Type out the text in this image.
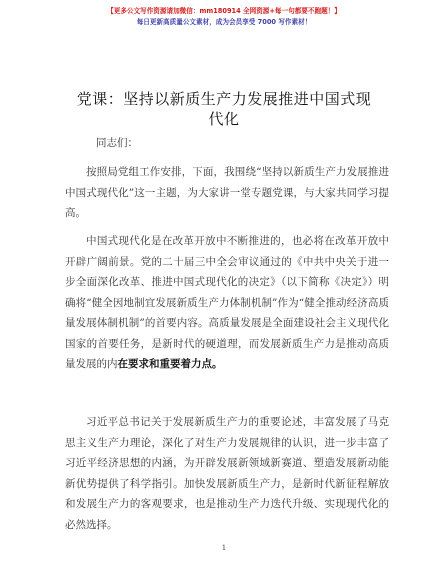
【更多公文写作资源请加微信：mm180914 全网资源+每一句都要不跑题！】
每日更新高质量公文素材，成为会员享受 7000 写作素材！
党课：坚持以新质生产力发展推进中国式现代化
同志们：
按照局党组工作安排，下面，我围绕“坚持以新质生产力发展推进中国式现代化”这一主题，为大家讲一堂专题党课，与大家共同学习提高。
中国式现代化是在改革开放中不断推进的，也必将在改革开放中开辟广阔前景。党的二十届三中全会审议通过的《中共中央关于进一步全面深化改革、推进中国式现代化的决定》（以下简称《决定》）明确将“健全因地制宜发展新质生产力体制机制”作为“健全推动经济高质量发展体制机制”的首要内容。高质量发展是全面建设社会主义现代化国家的首要任务，是新时代的硬道理，而发展新质生产力是推动高质量发展的内在要求和重要着力点。
习近平总书记关于发展新质生产力的重要论述，丰富发展了马克思主义生产力理论，深化了对生产力发展规律的认识，进一步丰富了习近平经济思想的内涵，为开辟发展新领域新赛道、塑造发展新动能新优势提供了科学指引。加快发展新质生产力，是新时代新征程解放和发展生产力的客观要求，也是推动生产力迭代升级、实现现代化的必然选择。
1
